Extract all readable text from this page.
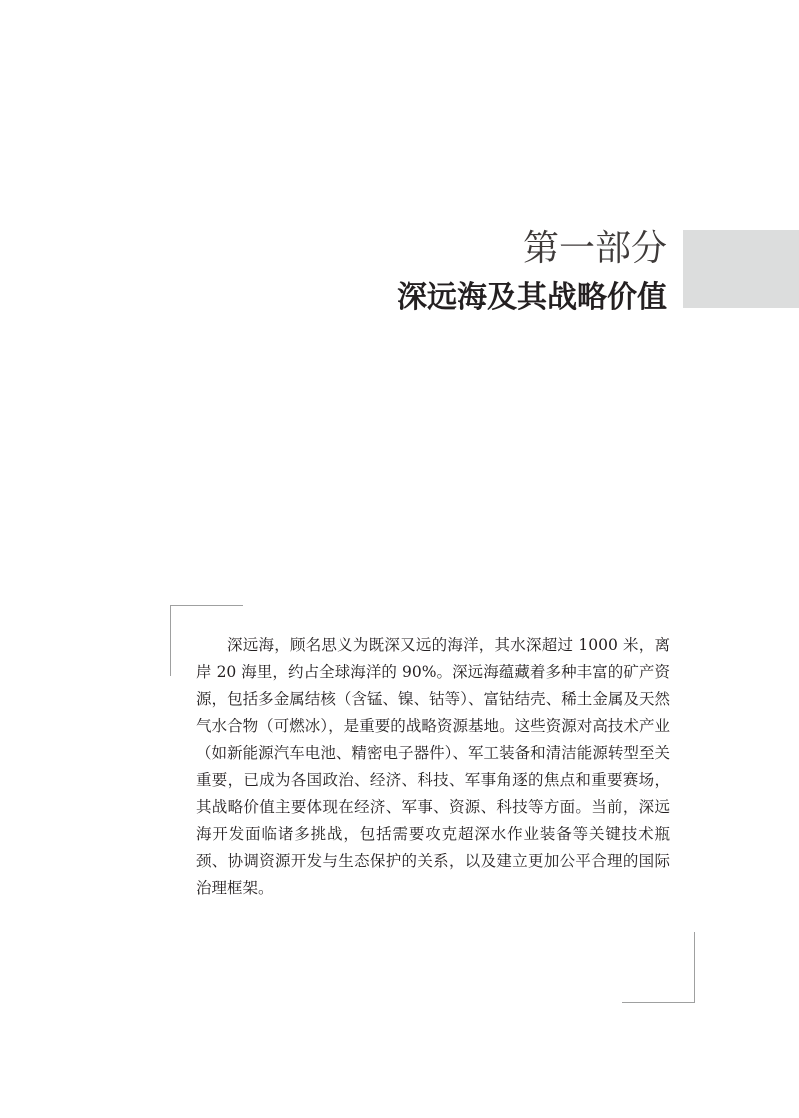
第一部分
深远海及其战略价值

深远海，顾名思义为既深又远的海洋，其水深超过 1000 米，离岸 20 海里，约占全球海洋的 90%。深远海蕴藏着多种丰富的矿产资源，包括多金属结核（含锰、镍、钴等）、富钴结壳、稀土金属及天然气水合物（可燃冰），是重要的战略资源基地。这些资源对高技术产业（如新能源汽车电池、精密电子器件）、军工装备和清洁能源转型至关重要，已成为各国政治、经济、科技、军事角逐的焦点和重要赛场，其战略价值主要体现在经济、军事、资源、科技等方面。当前，深远海开发面临诸多挑战，包括需要攻克超深水作业装备等关键技术瓶颈、协调资源开发与生态保护的关系，以及建立更加公平合理的国际治理框架。
